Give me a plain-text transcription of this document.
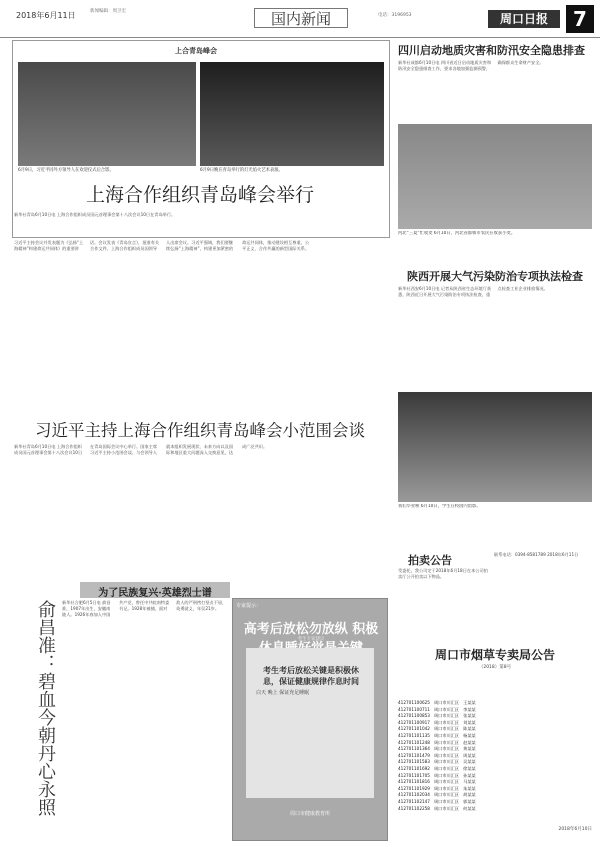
2018年6月11日	新闻编辑：周卫宏	国内新闻	电话：3196953	周口日报	7
上合青岛峰会
6月9日，习近平同外方领导人在欢迎仪式后合影。	6月9日晚在青岛举行的灯光焰火艺术表演。
上海合作组织青岛峰会举行
新华社青岛6月10日电 上海合作组织成员国元首理事会第十八次会议10日在青岛举行。
习近平主持会议并发表题为《弘扬“上海精神”构建命运共同体》的重要讲话。会议发表《青岛宣言》，批准有关合作文件。上海合作组织成员国领导人出席会议。习近平强调，我们要继续弘扬“上海精神”，构建更加紧密的命运共同体，推动建设相互尊重、公平正义、合作共赢的新型国际关系。
习近平主持上海合作组织青岛峰会小范围会谈
新华社青岛6月10日电 上海合作组织成员国元首理事会第十八次会议10日在青岛国际会议中心举行。国家主席习近平主持小范围会谈。与会领导人就本组织发展现状、未来方向以及国际和地区重大问题深入交换意见，达成广泛共识。
为了民族复兴·英雄烈士谱
俞昌准：碧血今朝丹心永照 新华社合肥6月5日电 俞昌准，1907年出生，安徽南陵人。1926年春加入中国共产党，曾任中共皖南特委书记。1928年被捕，面对敌人的严刑拷打坚贞不屈，英勇就义，年仅21岁。	专家提示：
高考后放松勿放纵 积极
考生专家建议
考生考后放松关键是积极休息，保证健康规律作息时间
白天 晚上 保证充足睡眠
周口市健康教育所
四川启动地质灾害和防汛安全隐患排查
新华社成都6月10日电 四川省近日启动地质灾害和防汛安全隐患排查工作，要求各地加强监测预警，确保群众生命财产安全。
河北“三夏”忙收麦 6月10日，河北省邯郸市农民在收获小麦。
陕西开展大气污染防治专项执法检查
新华社西安6月10日电 记者从陕西省生态环境厅获悉，陕西近日开展大气污染防治专项执法检查，重点检查工业企业排放情况。
我们毕业啦 6月10日，学生在校园内留影。
拍卖公告
受委托，我公司定于2018年6月18日在本公司拍卖厅公开拍卖以下物品。
联系电话：0394-8581789 2018年6月11日
周口市烟草专卖局公告
（2018）第8号
412701100625 周口市川汇区 王某某
412701100711 周口市川汇区 李某某
412701100853 周口市川汇区 张某某
412701100917 周口市川汇区 刘某某
412701101042 周口市川汇区 陈某某
412701101135 周口市川汇区 杨某某
412701101248 周口市川汇区 赵某某
412701101364 周口市川汇区 黄某某
412701101479 周口市川汇区 周某某
412701101583 周口市川汇区 吴某某
412701101692 周口市川汇区 徐某某
412701101705 周口市川汇区 孙某某
412701101816 周口市川汇区 马某某
412701101929 周口市川汇区 朱某某
412701102034 周口市川汇区 胡某某
412701102147 周口市川汇区 郭某某
412701102258 周口市川汇区 何某某
2018年6月10日
